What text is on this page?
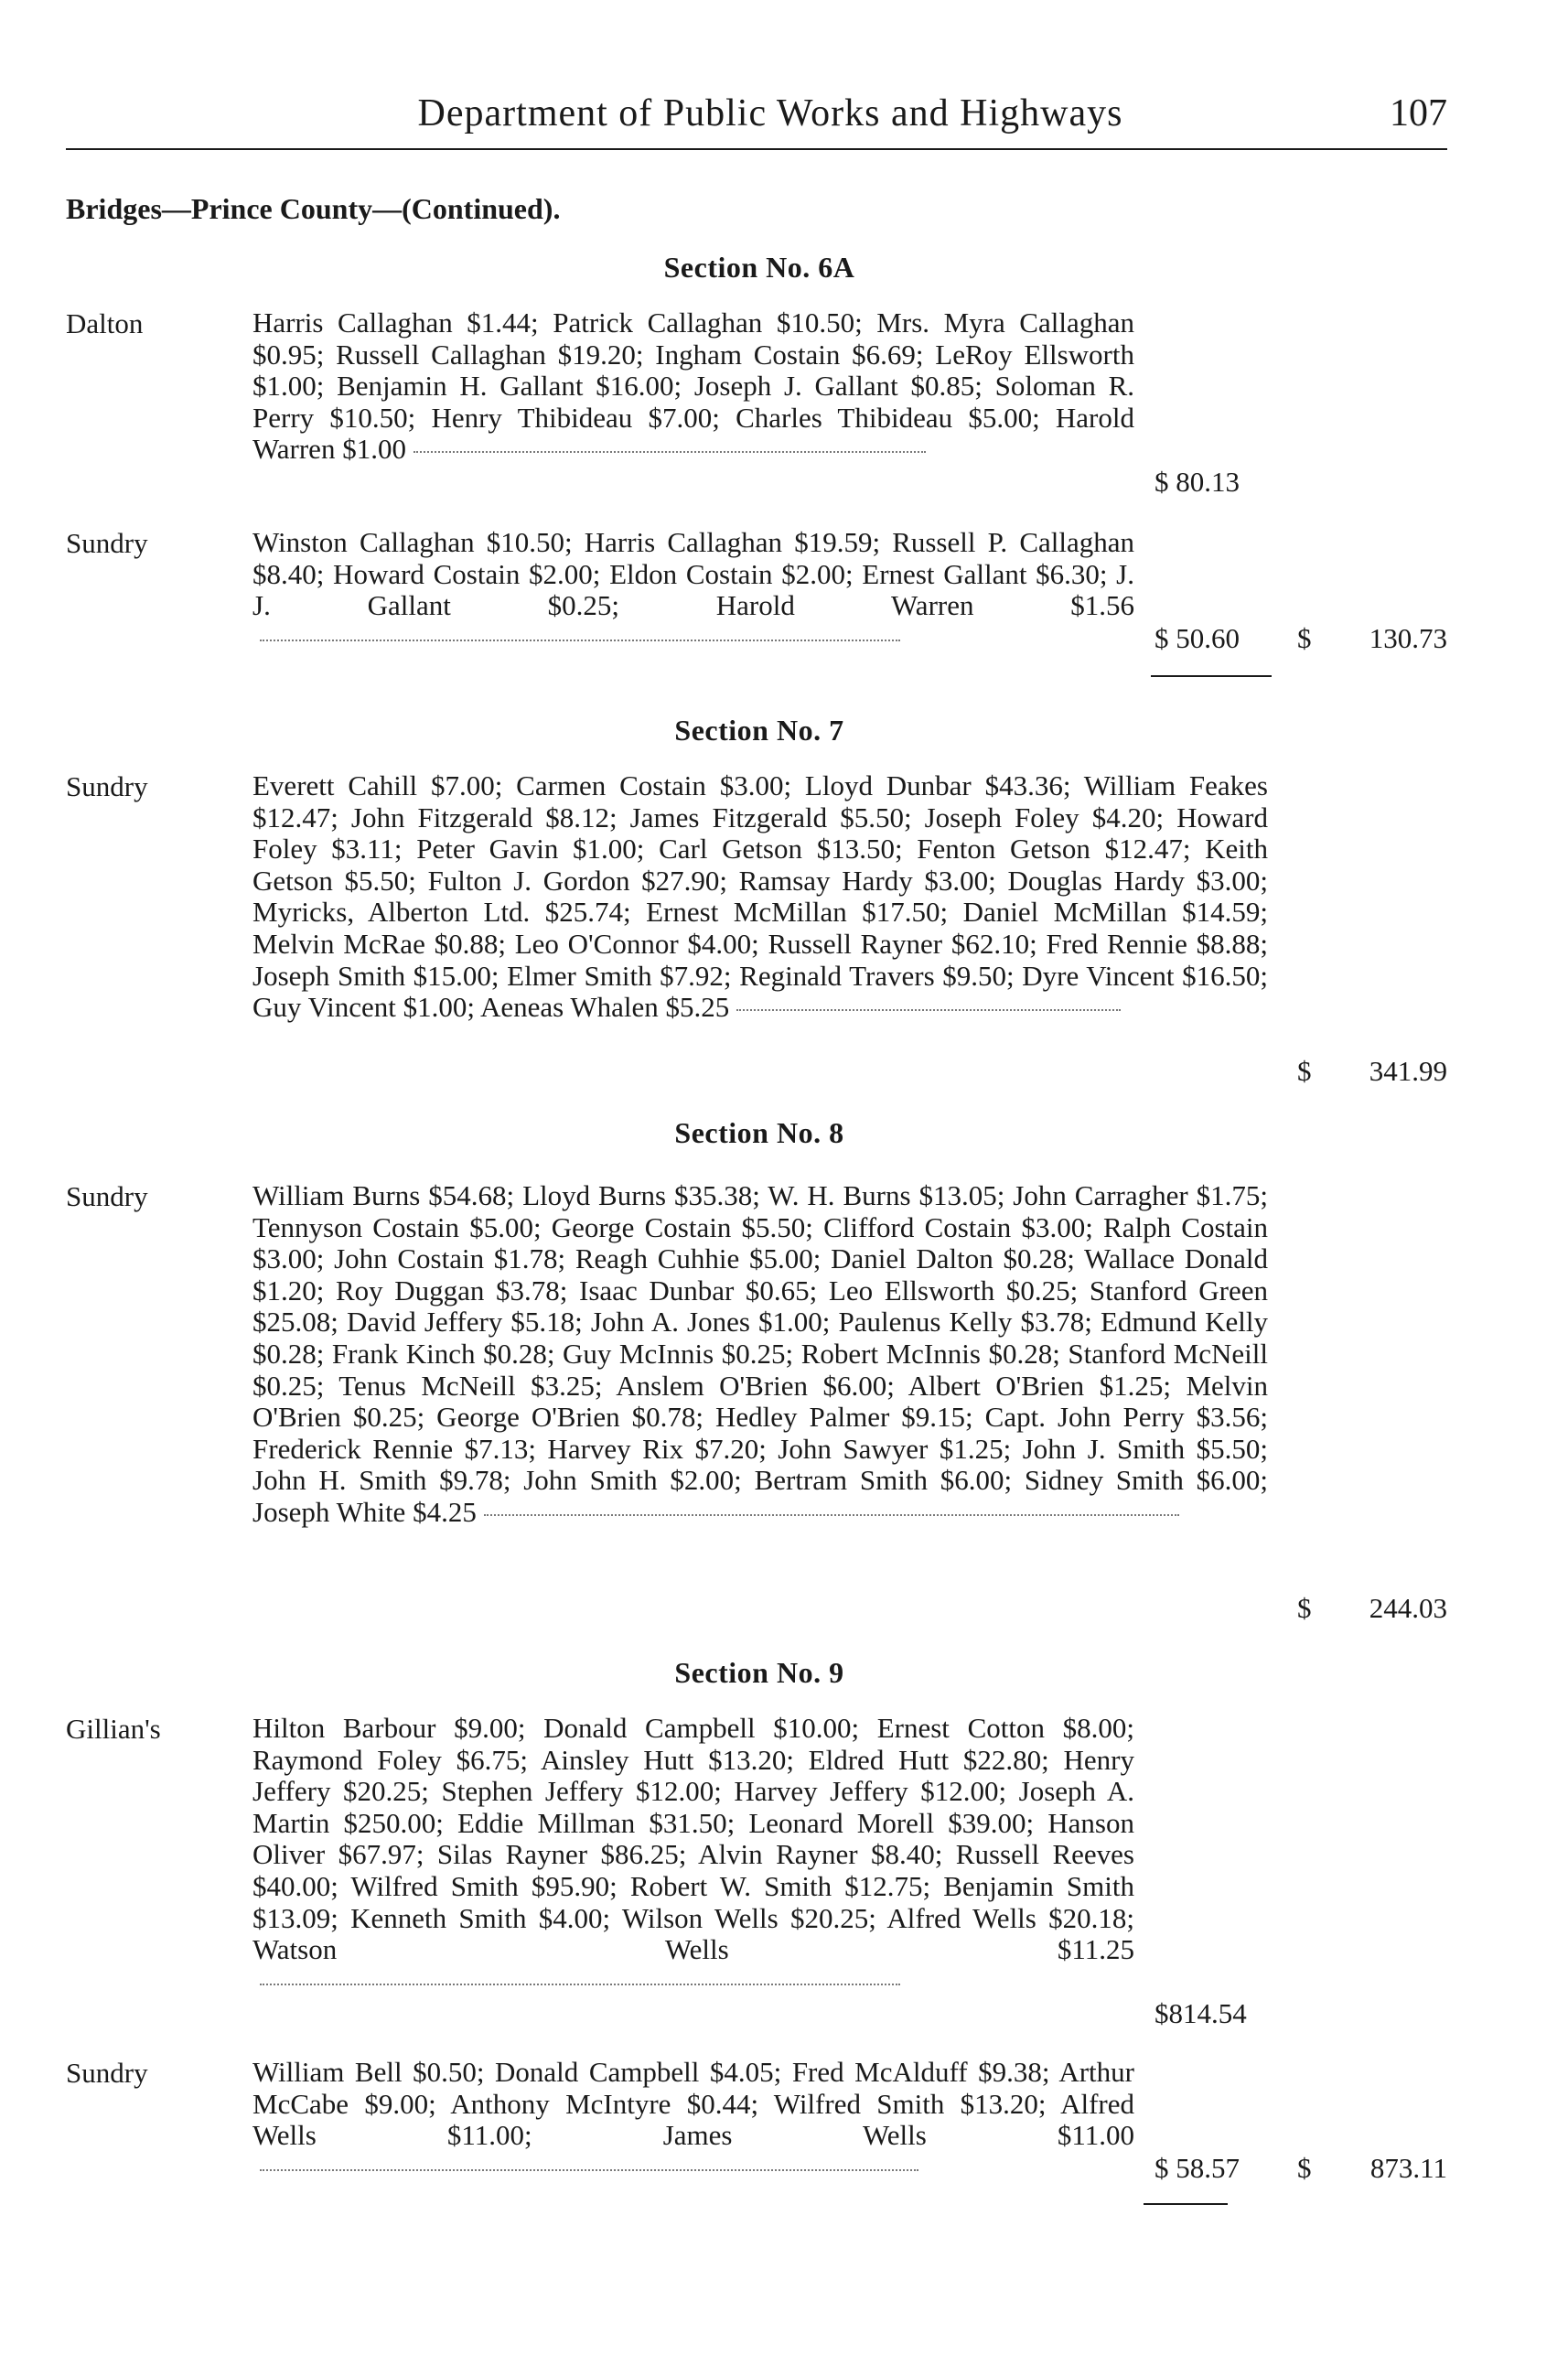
Department of Public Works and Highways	107
Bridges—Prince County—(Continued).
Section No. 6A
Dalton	Harris Callaghan $1.44; Patrick Callaghan $10.50; Mrs. Myra Callaghan $0.95; Russell Callaghan $19.20; Ingham Costain $6.69; LeRoy Ellsworth $1.00; Benjamin H. Gallant $16.00; Joseph J. Gallant $0.85; Soloman R. Perry $10.50; Henry Thibideau $7.00; Charles Thibideau $5.00; Harold Warren $1.00
$ 80.13
Sundry	Winston Callaghan $10.50; Harris Callaghan $19.59; Russell P. Callaghan $8.40; Howard Costain $2.00; Eldon Costain $2.00; Ernest Gallant $6.30; J. J. Gallant $0.25; Harold Warren $1.56
$ 50.60	$ 130.73
Section No. 7
Sundry	Everett Cahill $7.00; Carmen Costain $3.00; Lloyd Dunbar $43.36; William Feakes $12.47; John Fitzgerald $8.12; James Fitzgerald $5.50; Joseph Foley $4.20; Howard Foley $3.11; Peter Gavin $1.00; Carl Getson $13.50; Fenton Getson $12.47; Keith Getson $5.50; Fulton J. Gordon $27.90; Ramsay Hardy $3.00; Douglas Hardy $3.00; Myricks, Alberton Ltd. $25.74; Ernest McMillan $17.50; Daniel McMillan $14.59; Melvin McRae $0.88; Leo O'Connor $4.00; Russell Rayner $62.10; Fred Rennie $8.88; Joseph Smith $15.00; Elmer Smith $7.92; Reginald Travers $9.50; Dyre Vincent $16.50; Guy Vincent $1.00; Aeneas Whalen $5.25
$ 341.99
Section No. 8
Sundry	William Burns $54.68; Lloyd Burns $35.38; W. H. Burns $13.05; John Carragher $1.75; Tennyson Costain $5.00; George Costain $5.50; Clifford Costain $3.00; Ralph Costain $3.00; John Costain $1.78; Reagh Cuhhie $5.00; Daniel Dalton $0.28; Wallace Donald $1.20; Roy Duggan $3.78; Isaac Dunbar $0.65; Leo Ellsworth $0.25; Stanford Green $25.08; David Jeffery $5.18; John A. Jones $1.00; Paulenus Kelly $3.78; Edmund Kelly $0.28; Frank Kinch $0.28; Guy McInnis $0.25; Robert McInnis $0.28; Stanford McNeill $0.25; Tenus McNeill $3.25; Anslem O'Brien $6.00; Albert O'Brien $1.25; Melvin O'Brien $0.25; George O'Brien $0.78; Hedley Palmer $9.15; Capt. John Perry $3.56; Frederick Rennie $7.13; Harvey Rix $7.20; John Sawyer $1.25; John J. Smith $5.50; John H. Smith $9.78; John Smith $2.00; Bertram Smith $6.00; Sidney Smith $6.00; Joseph White $4.25
$ 244.03
Section No. 9
Gillian's	Hilton Barbour $9.00; Donald Campbell $10.00; Ernest Cotton $8.00; Raymond Foley $6.75; Ainsley Hutt $13.20; Eldred Hutt $22.80; Henry Jeffery $20.25; Stephen Jeffery $12.00; Harvey Jeffery $12.00; Joseph A. Martin $250.00; Eddie Millman $31.50; Leonard Morell $39.00; Hanson Oliver $67.97; Silas Rayner $86.25; Alvin Rayner $8.40; Russell Reeves $40.00; Wilfred Smith $95.90; Robert W. Smith $12.75; Benjamin Smith $13.09; Kenneth Smith $4.00; Wilson Wells $20.25; Alfred Wells $20.18; Watson Wells $11.25
$814.54
Sundry	William Bell $0.50; Donald Campbell $4.05; Fred McAlduff $9.38; Arthur McCabe $9.00; Anthony McIntyre $0.44; Wilfred Smith $13.20; Alfred Wells $11.00; James Wells $11.00
$ 58.57	$ 873.11
